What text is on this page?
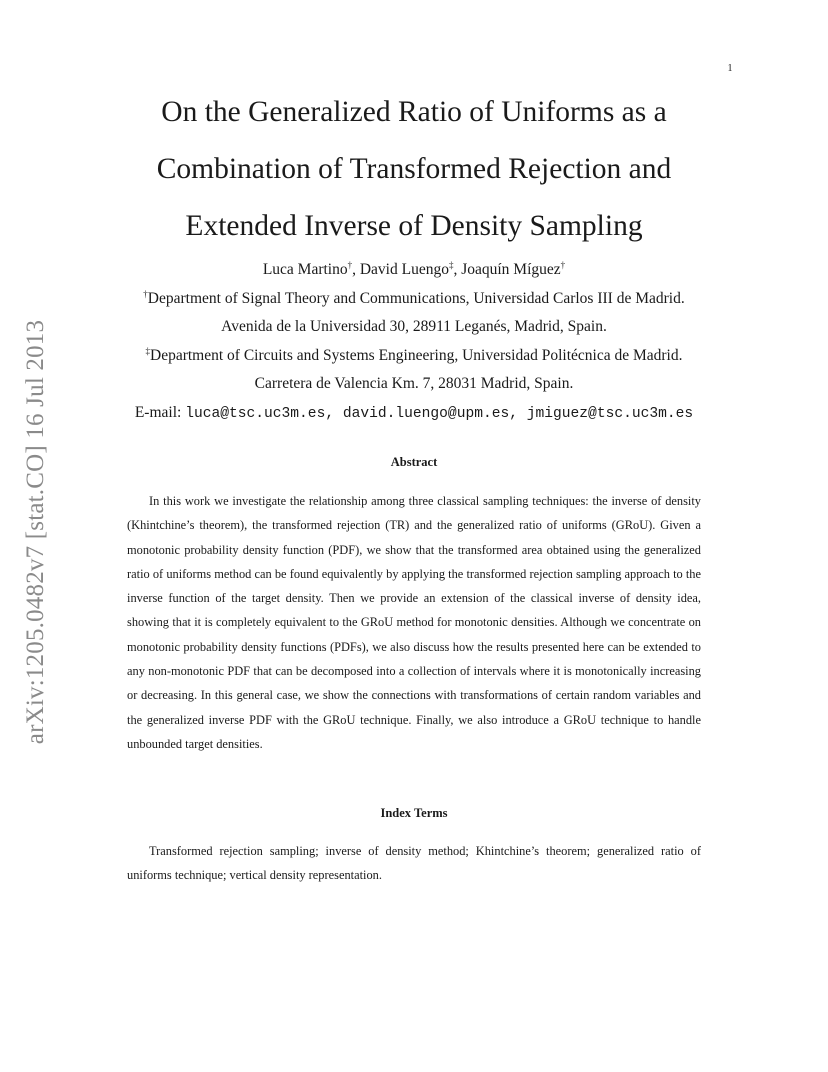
1
arXiv:1205.0482v7 [stat.CO] 16 Jul 2013
On the Generalized Ratio of Uniforms as a
Combination of Transformed Rejection and
Extended Inverse of Density Sampling
Luca Martino†, David Luengo‡, Joaquín Míguez†
†Department of Signal Theory and Communications, Universidad Carlos III de Madrid.
Avenida de la Universidad 30, 28911 Leganés, Madrid, Spain.
‡Department of Circuits and Systems Engineering, Universidad Politécnica de Madrid.
Carretera de Valencia Km. 7, 28031 Madrid, Spain.
E-mail: luca@tsc.uc3m.es, david.luengo@upm.es, jmiguez@tsc.uc3m.es
Abstract

In this work we investigate the relationship among three classical sampling techniques: the inverse of density (Khintchine’s theorem), the transformed rejection (TR) and the generalized ratio of uniforms (GRoU). Given a monotonic probability density function (PDF), we show that the transformed area obtained using the generalized ratio of uniforms method can be found equivalently by applying the transformed rejection sampling approach to the inverse function of the target density. Then we provide an extension of the classical inverse of density idea, showing that it is completely equivalent to the GRoU method for monotonic densities. Although we concentrate on monotonic probability density functions (PDFs), we also discuss how the results presented here can be extended to any non-monotonic PDF that can be decomposed into a collection of intervals where it is monotonically increasing or decreasing. In this general case, we show the connections with transformations of certain random variables and the generalized inverse PDF with the GRoU technique. Finally, we also introduce a GRoU technique to handle unbounded target densities.

Index Terms

Transformed rejection sampling; inverse of density method; Khintchine’s theorem; generalized ratio of uniforms technique; vertical density representation.
